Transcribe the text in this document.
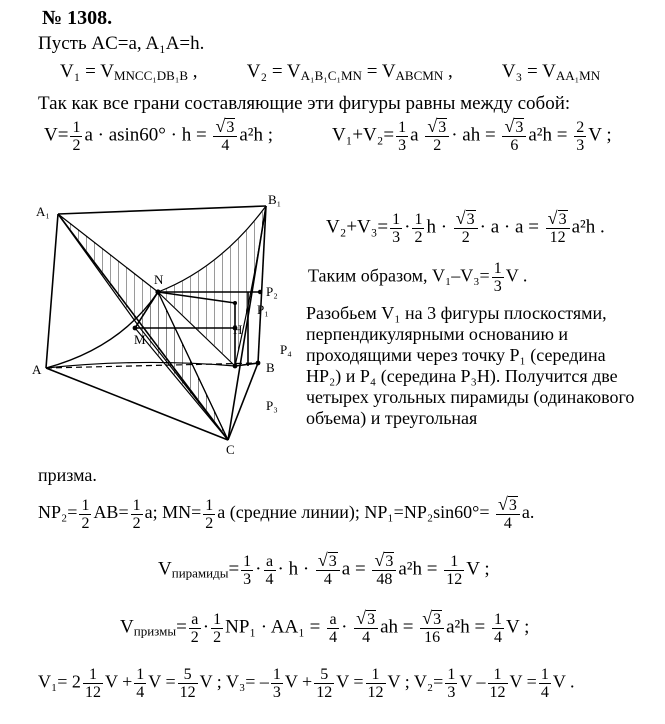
№ 1308.
Пусть AC=a, A₁A=h.
$V_1 = V_{MNCC_1DB_1B}$ ,	$V_2 = V_{A_1B_1C_1MN} = V_{ABCMN}$ ,	$V_3 = V_{AA_1MN}$
Так как все грани составляющие эти фигуры равны между собой:
$V= \frac{1}{2}$ $a \cdot asin60^\circ \cdot h = \frac{√3}{4} a^2h$ ;	$V_1+V_2= \frac{1}{3}$ a $\frac{√3}{2}$ · ah = $\frac{√3}{6} a^2h = \frac{2}{3}$ V ;
A₁
B₁
A	B
C
N
M
H
P₁
P₂
P₃
P₄
$V_2+V_3= \frac{1}{3} \cdot \frac{1}{2}$ $h \cdot \frac{√3}{2} \cdot a \cdot a = \frac{√3}{12} a^2h$ .
Таким образом, $V_1-V_3= \frac{1}{3}$ V .
Разобьем V₁ на 3 фигуры плоскостями, перпендикулярными основанию и проходящими через точку P₁ (середина HP₂) и P₄ (середина P₃H). Получится две четырех угольных пирамиды (одинакового объема) и треугольная
призма.
$NP_2= \frac{1}{2} AB= \frac{1}{2} a$; $MN= \frac{1}{2}$ a (средние линии); $NP_1=NP_2\sin 60^\circ= \frac{√3}{4} a$.
$V_{пирамиды}= \frac{1}{3} \cdot \frac{a}{4} \cdot h \cdot \frac{√3}{4}$ $a = \frac{√3}{48} a^2h = \frac{1}{12}$ V ;
$V_{призмы}= \frac{a}{2} \cdot \frac{1}{2} NP_1 \cdot AA_1 = \frac{a}{4} \cdot \frac{√3}{4}$ ah = $\frac{√3}{16} a^2h = \frac{1}{4}$ V ;
$V_1= 2 \frac{1}{12}$ $V + \frac{1}{4}$ $V = \frac{5}{12}$ V ; $V_3= - \frac{1}{3}$ $V + \frac{5}{12}$ $V = \frac{1}{12}$ V ; $V_2= \frac{1}{3}$ V – $\frac{1}{12}$ $V = \frac{1}{4}$ V .
